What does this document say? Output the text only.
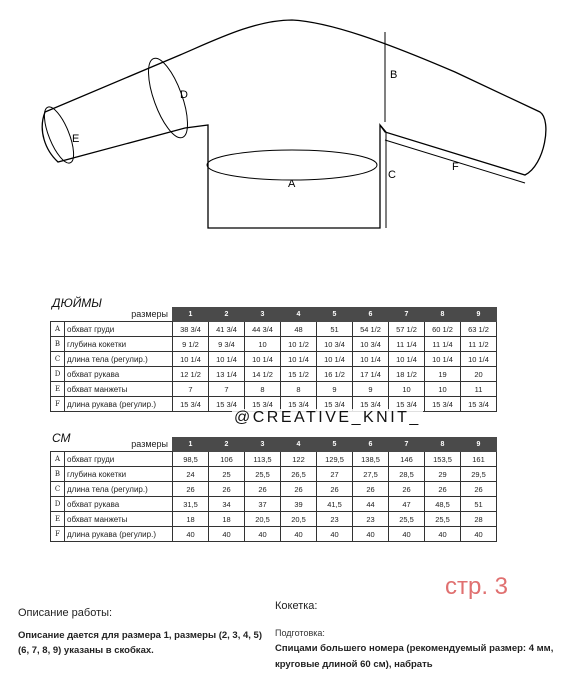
A
B
C
D
E
F
ДЮЙМЫ
размеры		1	2	3	4	5	6	7	8	9
A	обхват груди	38 3/4	41 3/4	44 3/4	48	51	54 1/2	57 1/2	60 1/2	63 1/2
B	глубина кокетки	9 1/2	9 3/4	10	10 1/2	10 3/4	10 3/4	11 1/4	11 1/4	11 1/2
C	длина тела (регулир.)	10 1/4	10 1/4	10 1/4	10 1/4	10 1/4	10 1/4	10 1/4	10 1/4	10 1/4
D	обхват рукава	12 1/2	13 1/4	14 1/2	15 1/2	16 1/2	17 1/4	18 1/2	19	20
E	обхват манжеты	7	7	8	8	9	9	10	10	11
F	длина рукава (регулир.)	15 3/4	15 3/4	15 3/4	15 3/4	15 3/4	15 3/4	15 3/4	15 3/4	15 3/4
СМ	размеры		1	2	3	4	5	6	7	8	9
A	обхват груди	98,5	106	113,5	122	129,5	138,5	146	153,5	161
B	глубина кокетки	24	25	25,5	26,5	27	27,5	28,5	29	29,5
C	длина тела (регулир.)	26	26	26	26	26	26	26	26	26
D	обхват рукава	31,5	34	37	39	41,5	44	47	48,5	51
E	обхват манжеты	18	18	20,5	20,5	23	23	25,5	25,5	28
F	длина рукава (регулир.)	40	40	40	40	40	40	40	40	40
@CREATIVE_KNIT_
стр. 3
Описание работы:
Описание дается для размера 1, размеры (2, 3, 4, 5) (6, 7, 8, 9) указаны в скобках.
Кокетка:
Подготовка:
Спицами большего номера (рекомендуемый размер: 4 мм, круговые длиной 60 см), набрать
